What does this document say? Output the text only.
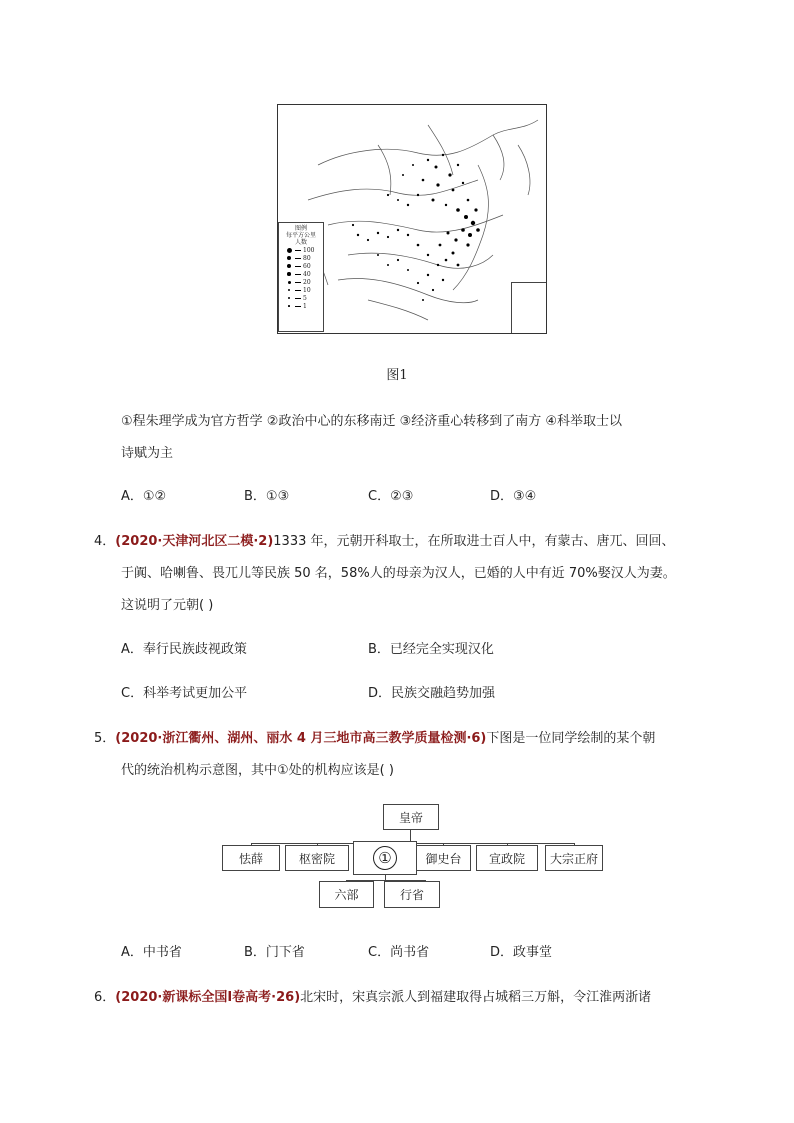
图例
每平方公里
人数
100
80
60
40
20
10
5
1
图1
①程朱理学成为官方哲学 ②政治中心的东移南迁 ③经济重心转移到了南方 ④科举取士以
诗赋为主
A．①②	B．①③	C．②③	D．③④
4．(2020·天津河北区二模·2)1333 年，元朝开科取士，在所取进士百人中，有蒙古、唐兀、回回、
于阗、哈喇鲁、畏兀儿等民族 50 名，58%人的母亲为汉人，已婚的人中有近 70%娶汉人为妻。
这说明了元朝( )
A．奉行民族歧视政策	B．已经完全实现汉化
C．科举考试更加公平	D．民族交融趋势加强
5．(2020·浙江衢州、湖州、丽水 4 月三地市高三教学质量检测·6)下图是一位同学绘制的某个朝
代的统治机构示意图，其中①处的机构应该是( )
皇帝
怯薛	枢密院	①	御史台	宣政院	大宗正府
六部	行省
A．中书省	B．门下省	C．尚书省	D．政事堂
6．(2020·新课标全国Ⅰ卷高考·26)北宋时，宋真宗派人到福建取得占城稻三万斛，令江淮两浙诸
